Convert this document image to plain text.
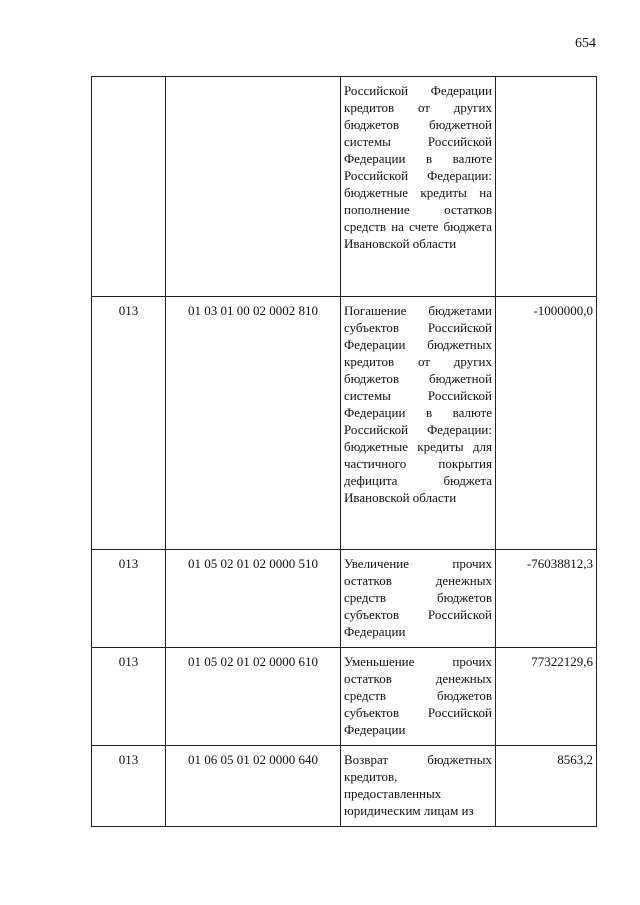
654
		Российской Федерации кредитов от других бюджетов бюджетной системы Российской Федерации в валюте Российской Федерации: бюджетные кредиты на пополнение остатков средств на счете бюджета Ивановской области	
013	01 03 01 00 02 0002 810	Погашение бюджетами субъектов Российской Федерации бюджетных кредитов от других бюджетов бюджетной системы Российской Федерации в валюте Российской Федерации: бюджетные кредиты для частичного покрытия дефицита бюджета Ивановской области	-1000000,0
013	01 05 02 01 02 0000 510	Увеличение прочих остатков денежных средств бюджетов субъектов Российской Федерации	-76038812,3
013	01 05 02 01 02 0000 610	Уменьшение прочих остатков денежных средств бюджетов субъектов Российской Федерации	77322129,6
013	01 06 05 01 02 0000 640	Возврат бюджетных кредитов, предоставленных юридическим лицам из	8563,2
